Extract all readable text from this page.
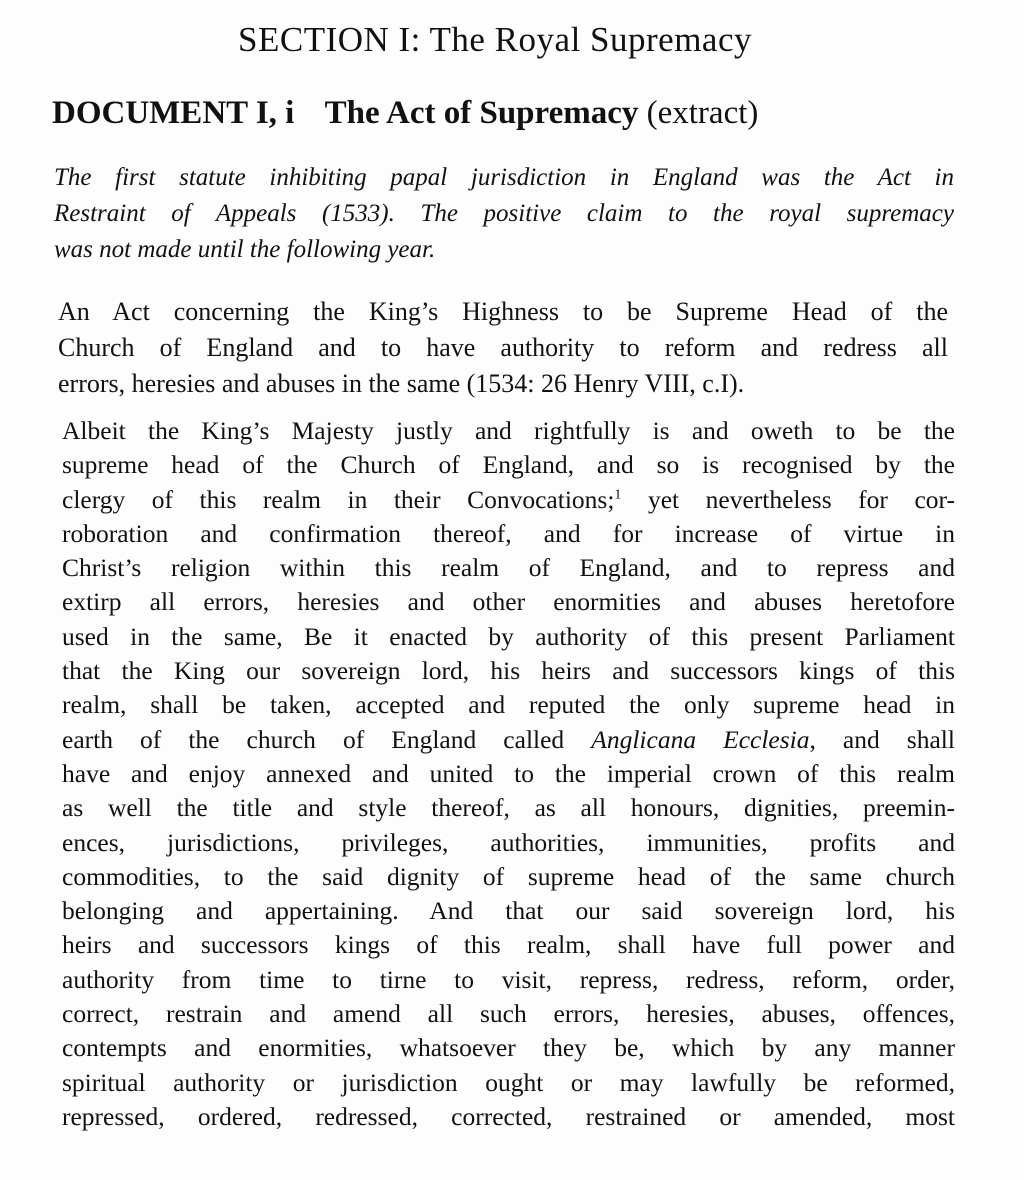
SECTION I: The Royal Supremacy
DOCUMENT I, i The Act of Supremacy (extract)
The first statute inhibiting papal jurisdiction in England was the Act in
Restraint of Appeals (1533). The positive claim to the royal supremacy
was not made until the following year.
An Act concerning the King’s Highness to be Supreme Head of the
Church of England and to have authority to reform and redress all
errors, heresies and abuses in the same (1534: 26 Henry VIII, c.I).
Albeit the King’s Majesty justly and rightfully is and oweth to be the
supreme head of the Church of England, and so is recognised by the
clergy of this realm in their Convocations;$^1$ yet nevertheless for cor-
roboration and confirmation thereof, and for increase of virtue in
Christ’s religion within this realm of England, and to repress and
extirp all errors, heresies and other enormities and abuses heretofore
used in the same, Be it enacted by authority of this present Parliament
that the King our sovereign lord, his heirs and successors kings of this
realm, shall be taken, accepted and reputed the only supreme head in
earth of the church of England called Anglicana Ecclesia, and shall
have and enjoy annexed and united to the imperial crown of this realm
as well the title and style thereof, as all honours, dignities, preemin-
ences, jurisdictions, privileges, authorities, immunities, profits and
commodities, to the said dignity of supreme head of the same church
belonging and appertaining. And that our said sovereign lord, his
heirs and successors kings of this realm, shall have full power and
authority from time to tirne to visit, repress, redress, reform, order,
correct, restrain and amend all such errors, heresies, abuses, offences,
contempts and enormities, whatsoever they be, which by any manner
spiritual authority or jurisdiction ought or may lawfully be reformed,
repressed, ordered, redressed, corrected, restrained or amended, most
